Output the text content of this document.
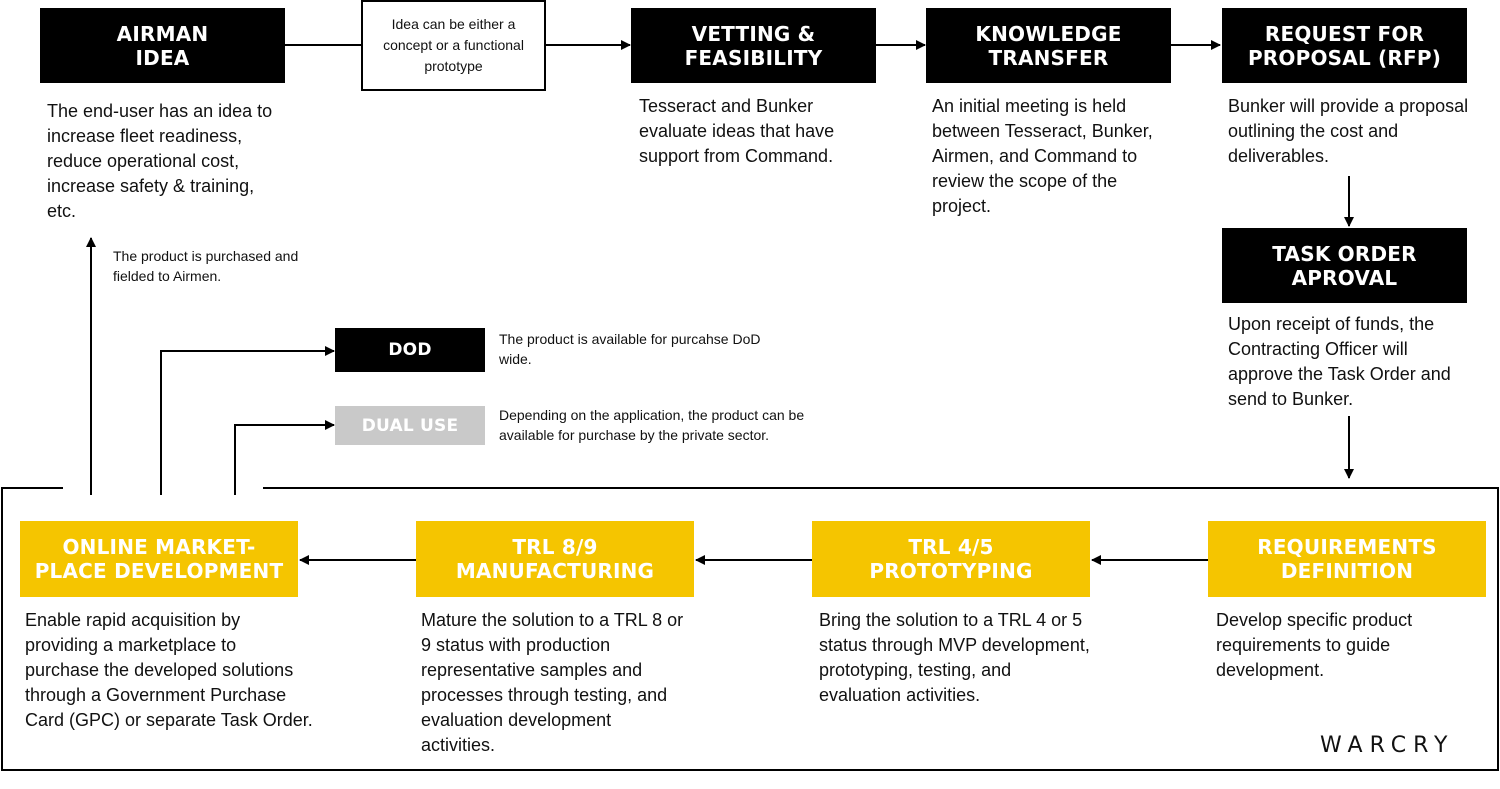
AIRMAN
IDEA
The end-user has an idea to
increase fleet readiness,
reduce operational cost,
increase safety & training,
etc.
Idea can be either a
concept or a functional
prototype
VETTING &
FEASIBILITY
Tesseract and Bunker
evaluate ideas that have
support from Command.
KNOWLEDGE
TRANSFER
An initial meeting is held
between Tesseract, Bunker,
Airmen, and Command to
review the scope of the
project.
REQUEST FOR
PROPOSAL (RFP)
Bunker will provide a proposal
outlining the cost and
deliverables.
TASK ORDER
APROVAL
Upon receipt of funds, the
Contracting Officer will
approve the Task Order and
send to Bunker.
The product is purchased and
fielded to Airmen.
DOD
The product is available for purcahse DoD
wide.
DUAL USE
Depending on the application, the product can be
available for purchase by the private sector.
ONLINE MARKET-
PLACE DEVELOPMENT
Enable rapid acquisition by
providing a marketplace to
purchase the developed solutions
through a Government Purchase
Card (GPC) or separate Task Order.
TRL 8/9
MANUFACTURING
Mature the solution to a TRL 8 or
9 status with production
representative samples and
processes through testing, and
evaluation development
activities.
TRL 4/5
PROTOTYPING
Bring the solution to a TRL 4 or 5
status through MVP development,
prototyping, testing, and
evaluation activities.
REQUIREMENTS
DEFINITION
Develop specific product
requirements to guide
development.
WARCRY
